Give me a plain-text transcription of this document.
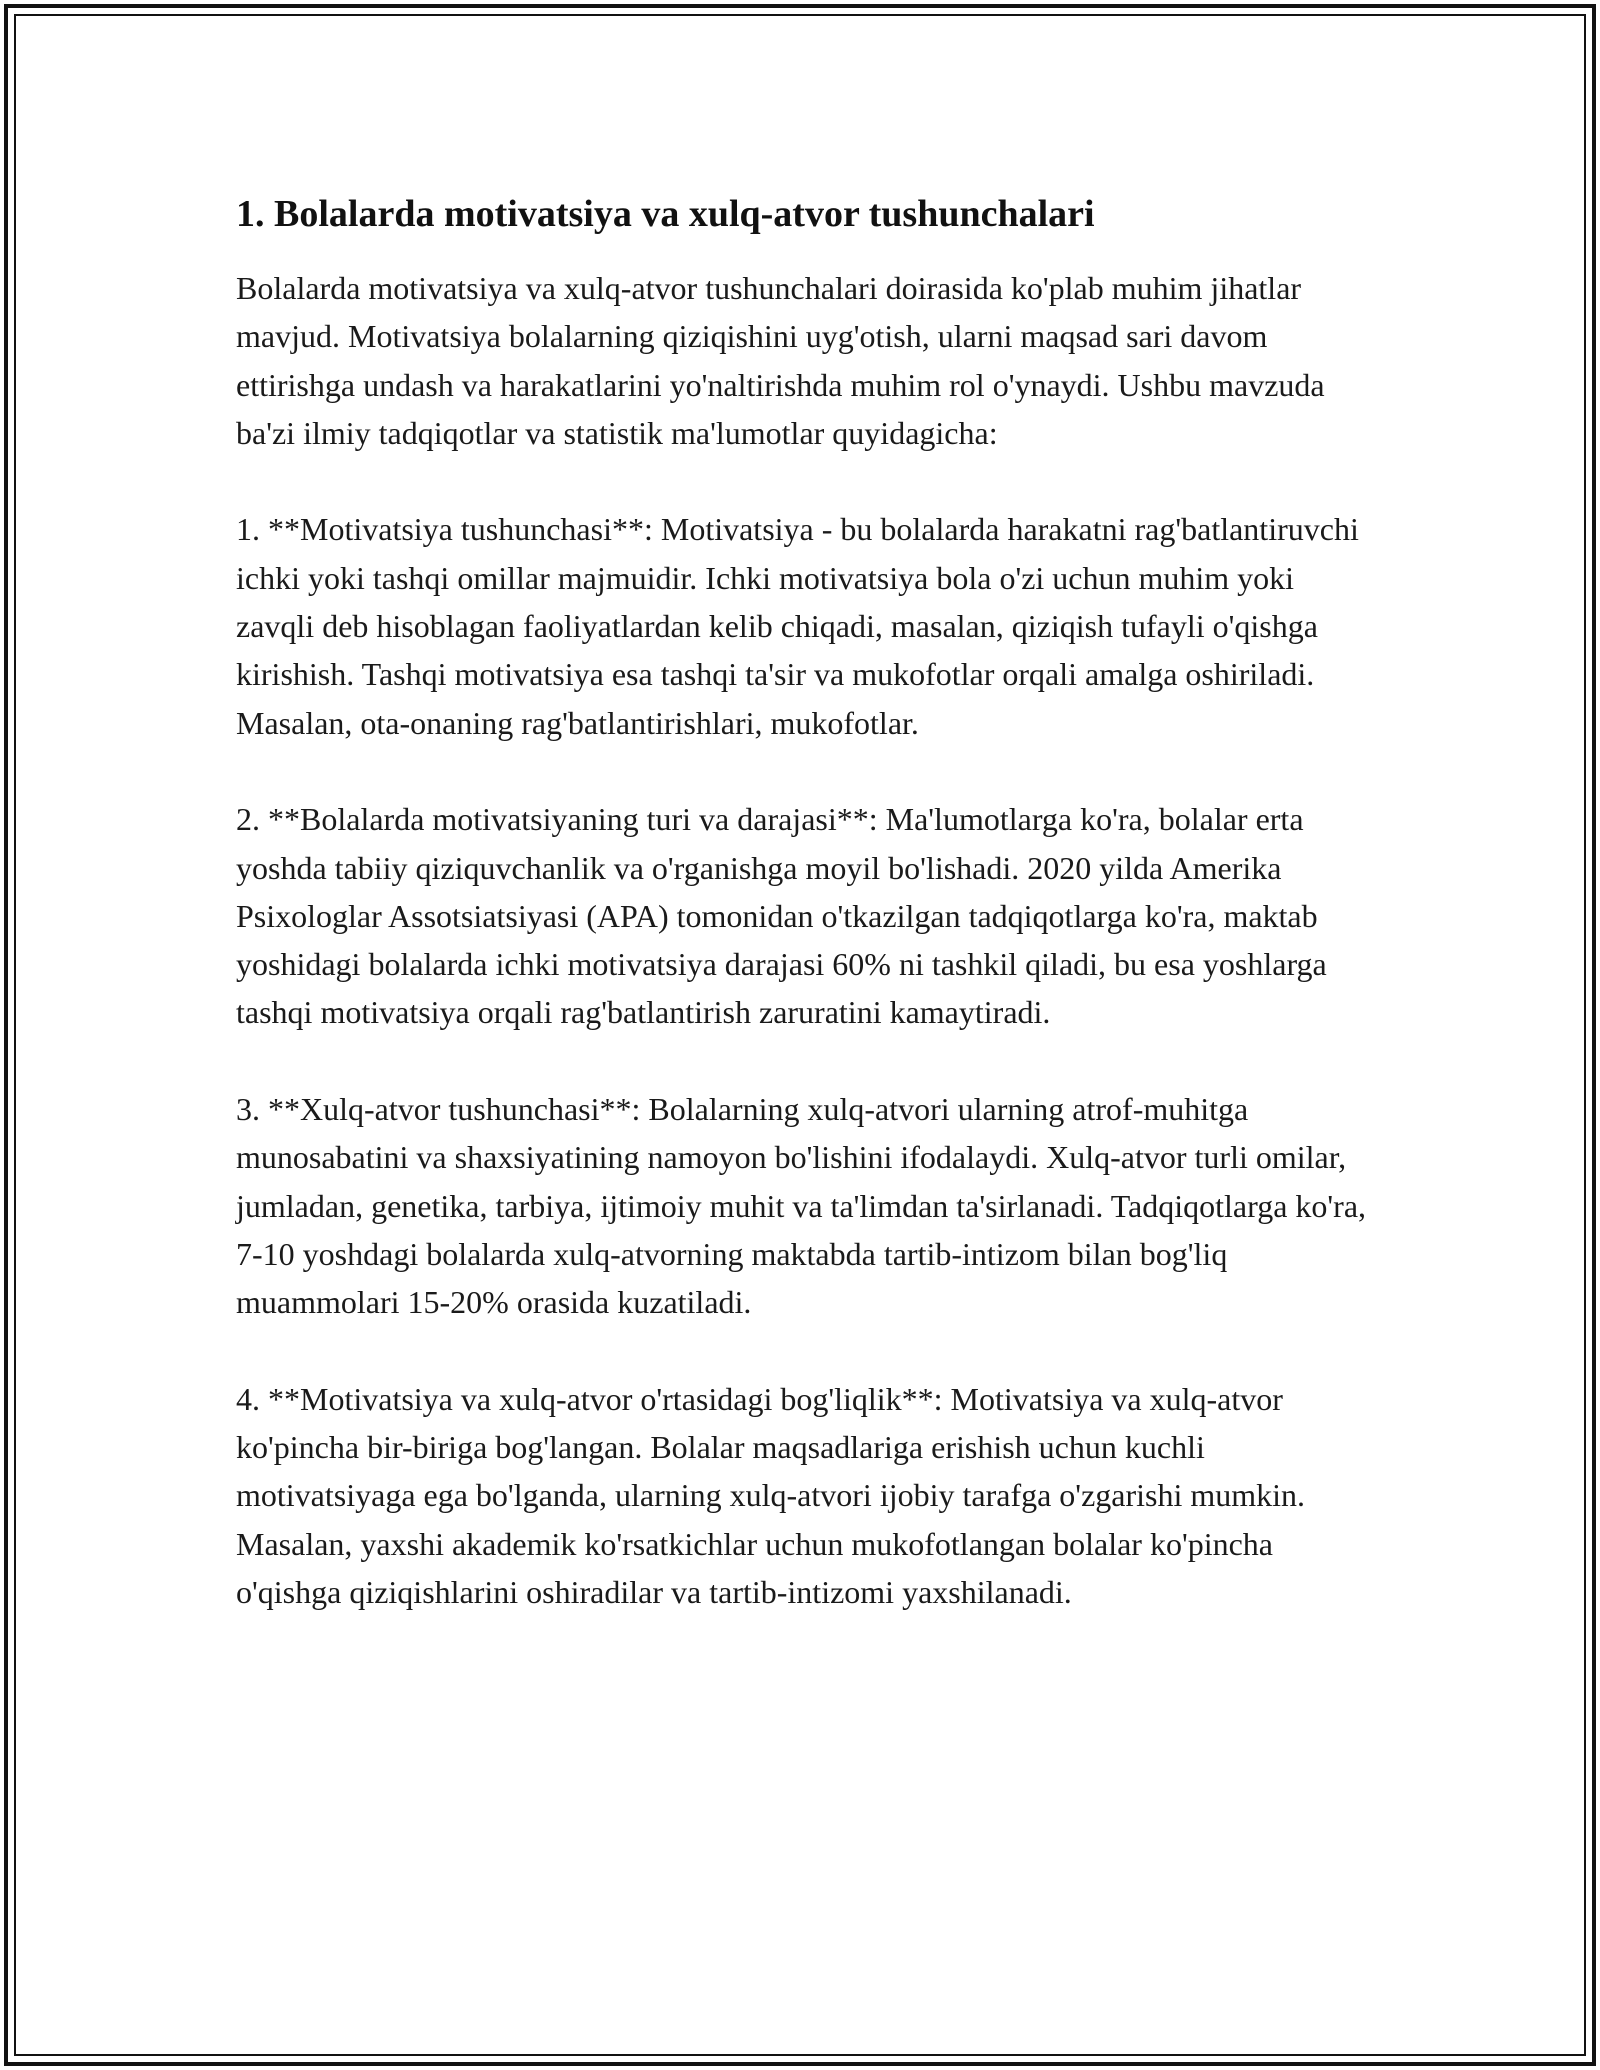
1. Bolalarda motivatsiya va xulq-atvor tushunchalari

Bolalarda motivatsiya va xulq-atvor tushunchalari doirasida ko'plab muhim jihatlar mavjud. Motivatsiya bolalarning qiziqishini uyg'otish, ularni maqsad sari davom ettirishga undash va harakatlarini yo'naltirishda muhim rol o'ynaydi. Ushbu mavzuda ba'zi ilmiy tadqiqotlar va statistik ma'lumotlar quyidagicha:

1. **Motivatsiya tushunchasi**: Motivatsiya - bu bolalarda harakatni rag'batlantiruvchi ichki yoki tashqi omillar majmuidir. Ichki motivatsiya bola o'zi uchun muhim yoki zavqli deb hisoblagan faoliyatlardan kelib chiqadi, masalan, qiziqish tufayli o'qishga kirishish. Tashqi motivatsiya esa tashqi ta'sir va mukofotlar orqali amalga oshiriladi. Masalan, ota-onaning rag'batlantirishlari, mukofotlar.

2. **Bolalarda motivatsiyaning turi va darajasi**: Ma'lumotlarga ko'ra, bolalar erta yoshda tabiiy qiziquvchanlik va o'rganishga moyil bo'lishadi. 2020 yilda Amerika Psixologlar Assotsiatsiyasi (APA) tomonidan o'tkazilgan tadqiqotlarga ko'ra, maktab yoshidagi bolalarda ichki motivatsiya darajasi 60% ni tashkil qiladi, bu esa yoshlarga tashqi motivatsiya orqali rag'batlantirish zaruratini kamaytiradi.

3. **Xulq-atvor tushunchasi**: Bolalarning xulq-atvori ularning atrof-muhitga munosabatini va shaxsiyatining namoyon bo'lishini ifodalaydi. Xulq-atvor turli omilar, jumladan, genetika, tarbiya, ijtimoiy muhit va ta'limdan ta'sirlanadi. Tadqiqotlarga ko'ra, 7-10 yoshdagi bolalarda xulq-atvorning maktabda tartib-intizom bilan bog'liq muammolari 15-20% orasida kuzatiladi.

4. **Motivatsiya va xulq-atvor o'rtasidagi bog'liqlik**: Motivatsiya va xulq-atvor ko'pincha bir-biriga bog'langan. Bolalar maqsadlariga erishish uchun kuchli motivatsiyaga ega bo'lganda, ularning xulq-atvori ijobiy tarafga o'zgarishi mumkin. Masalan, yaxshi akademik ko'rsatkichlar uchun mukofotlangan bolalar ko'pincha o'qishga qiziqishlarini oshiradilar va tartib-intizomi yaxshilanadi.
